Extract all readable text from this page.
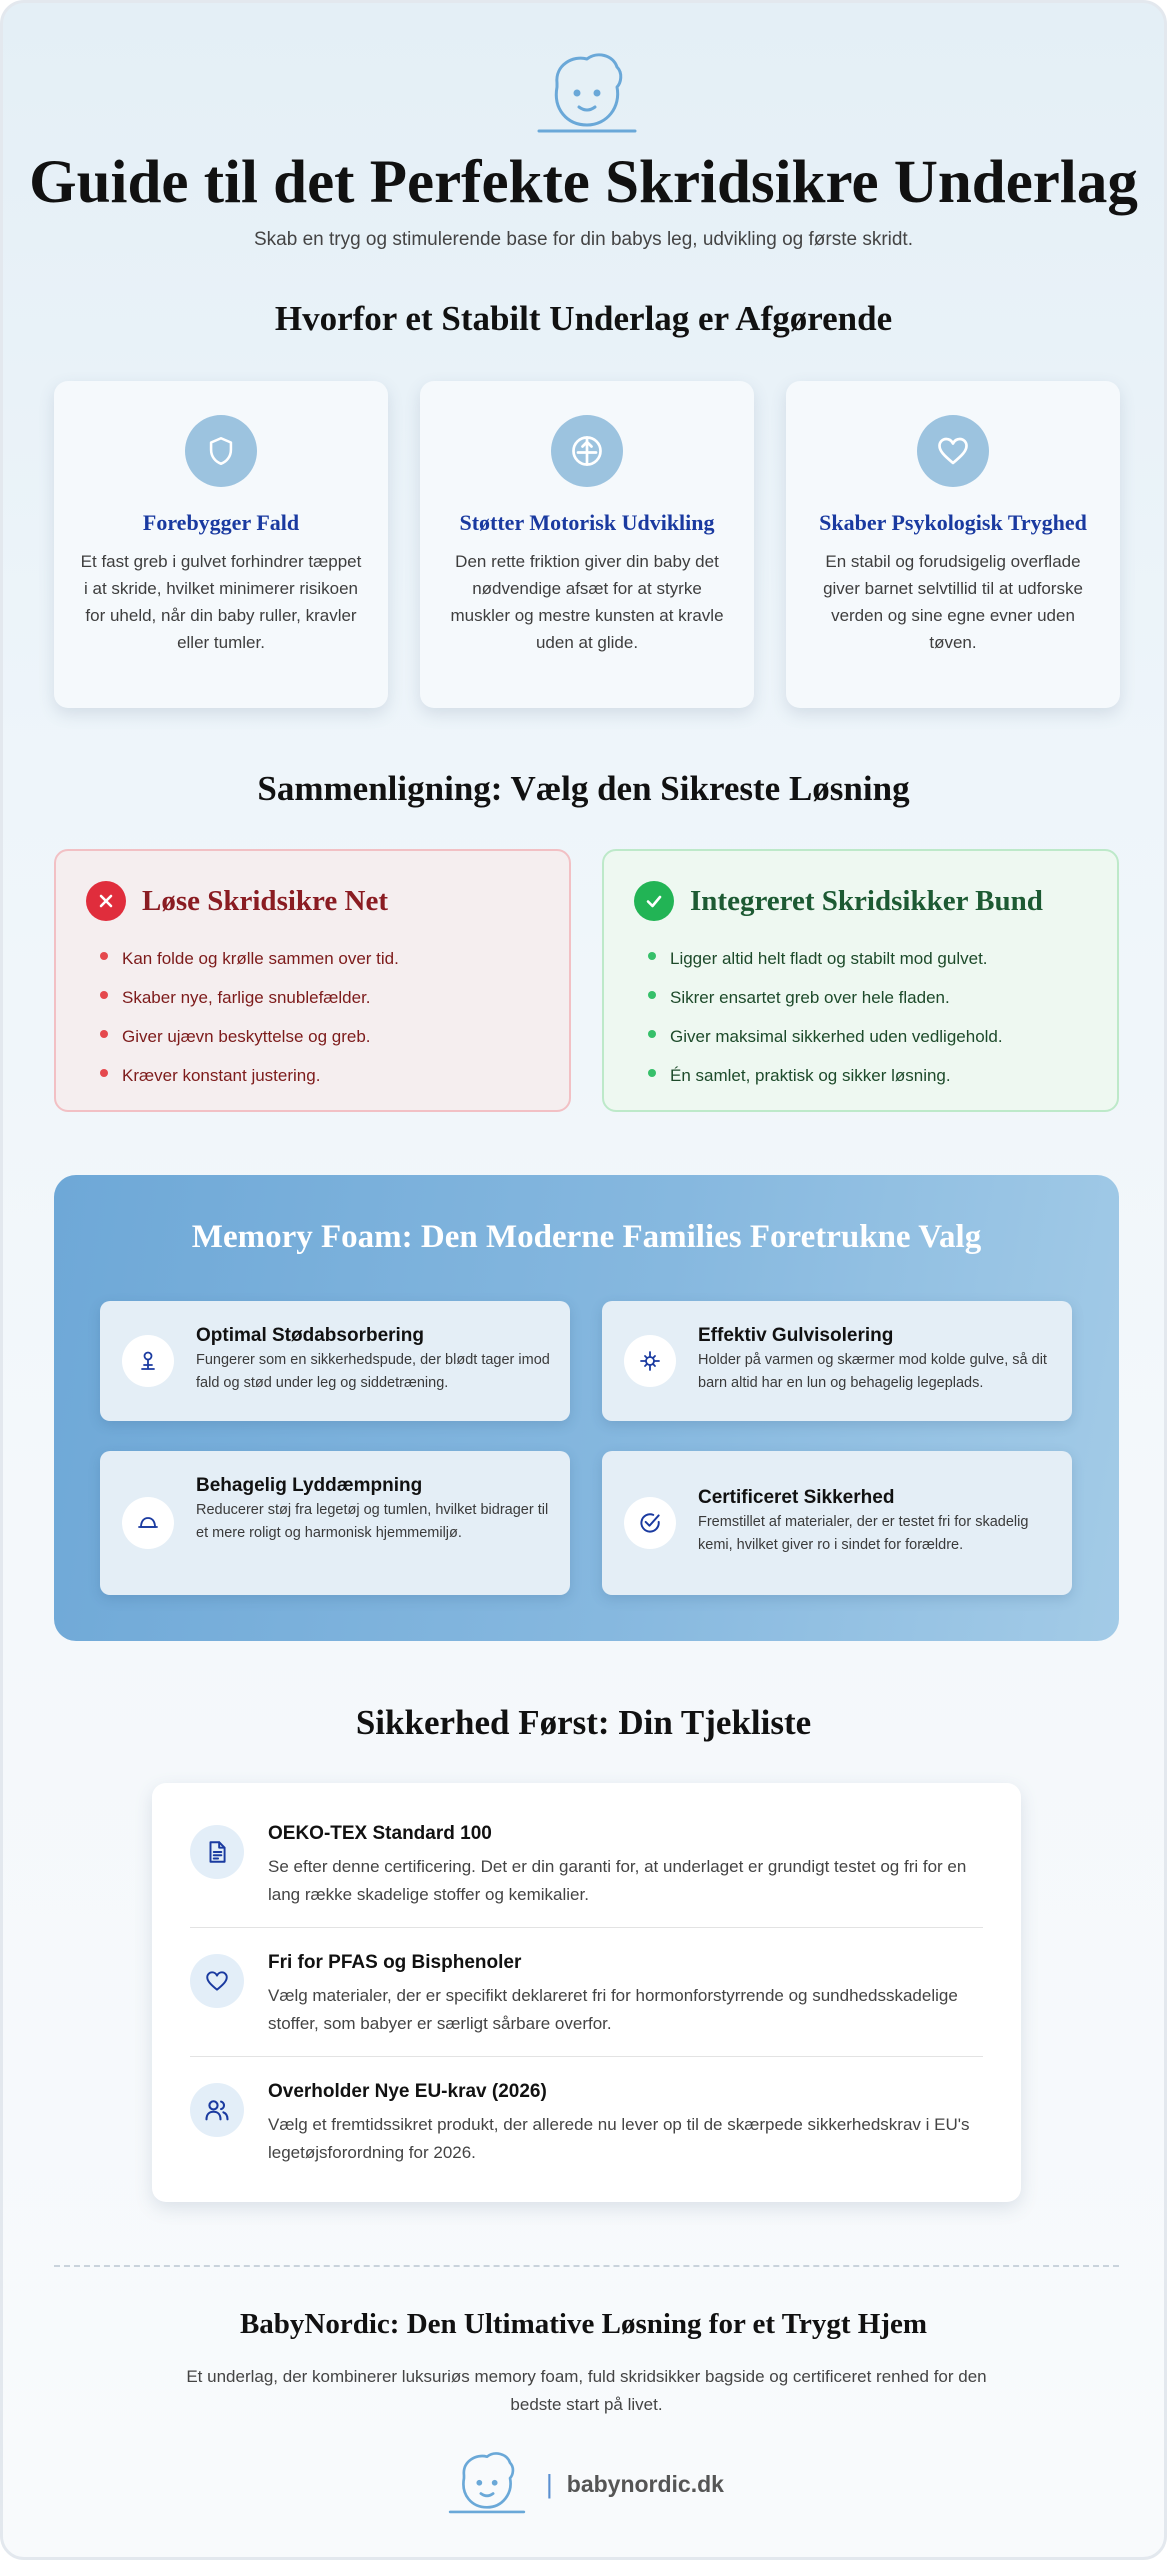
Guide til det Perfekte Skridsikre Underlag
Skab en tryg og stimulerende base for din babys leg, udvikling og første skridt.
Hvorfor et Stabilt Underlag er Afgørende
Forebygger Fald
Et fast greb i gulvet forhindrer tæppet i at skride, hvilket minimerer risikoen for uheld, når din baby ruller, kravler eller tumler.
Støtter Motorisk Udvikling
Den rette friktion giver din baby det nødvendige afsæt for at styrke muskler og mestre kunsten at kravle uden at glide.
Skaber Psykologisk Tryghed
En stabil og forudsigelig overflade giver barnet selvtillid til at udforske verden og sine egne evner uden tøven.
Sammenligning: Vælg den Sikreste Løsning
Løse Skridsikre Net
Kan folde og krølle sammen over tid.
Skaber nye, farlige snublefælder.
Giver ujævn beskyttelse og greb.
Kræver konstant justering.
Integreret Skridsikker Bund
Ligger altid helt fladt og stabilt mod gulvet.
Sikrer ensartet greb over hele fladen.
Giver maksimal sikkerhed uden vedligehold.
Én samlet, praktisk og sikker løsning.
Memory Foam: Den Moderne Families Foretrukne Valg
Optimal Stødabsorbering
Fungerer som en sikkerhedspude, der blødt tager imod fald og stød under leg og siddetræning.
Effektiv Gulvisolering
Holder på varmen og skærmer mod kolde gulve, så dit barn altid har en lun og behagelig legeplads.
Behagelig Lyddæmpning
Reducerer støj fra legetøj og tumlen, hvilket bidrager til et mere roligt og harmonisk hjemmemiljø.
Certificeret Sikkerhed
Fremstillet af materialer, der er testet fri for skadelig kemi, hvilket giver ro i sindet for forældre.
Sikkerhed Først: Din Tjekliste
OEKO-TEX Standard 100
Se efter denne certificering. Det er din garanti for, at underlaget er grundigt testet og fri for en lang række skadelige stoffer og kemikalier.
Fri for PFAS og Bisphenoler
Vælg materialer, der er specifikt deklareret fri for hormonforstyrrende og sundhedsskadelige stoffer, som babyer er særligt sårbare overfor.
Overholder Nye EU-krav (2026)
Vælg et fremtidssikret produkt, der allerede nu lever op til de skærpede sikkerhedskrav i EU's legetøjsforordning for 2026.
BabyNordic: Den Ultimative Løsning for et Trygt Hjem
Et underlag, der kombinerer luksuriøs memory foam, fuld skridsikker bagside og certificeret renhed for den bedste start på livet.
| babynordic.dk
